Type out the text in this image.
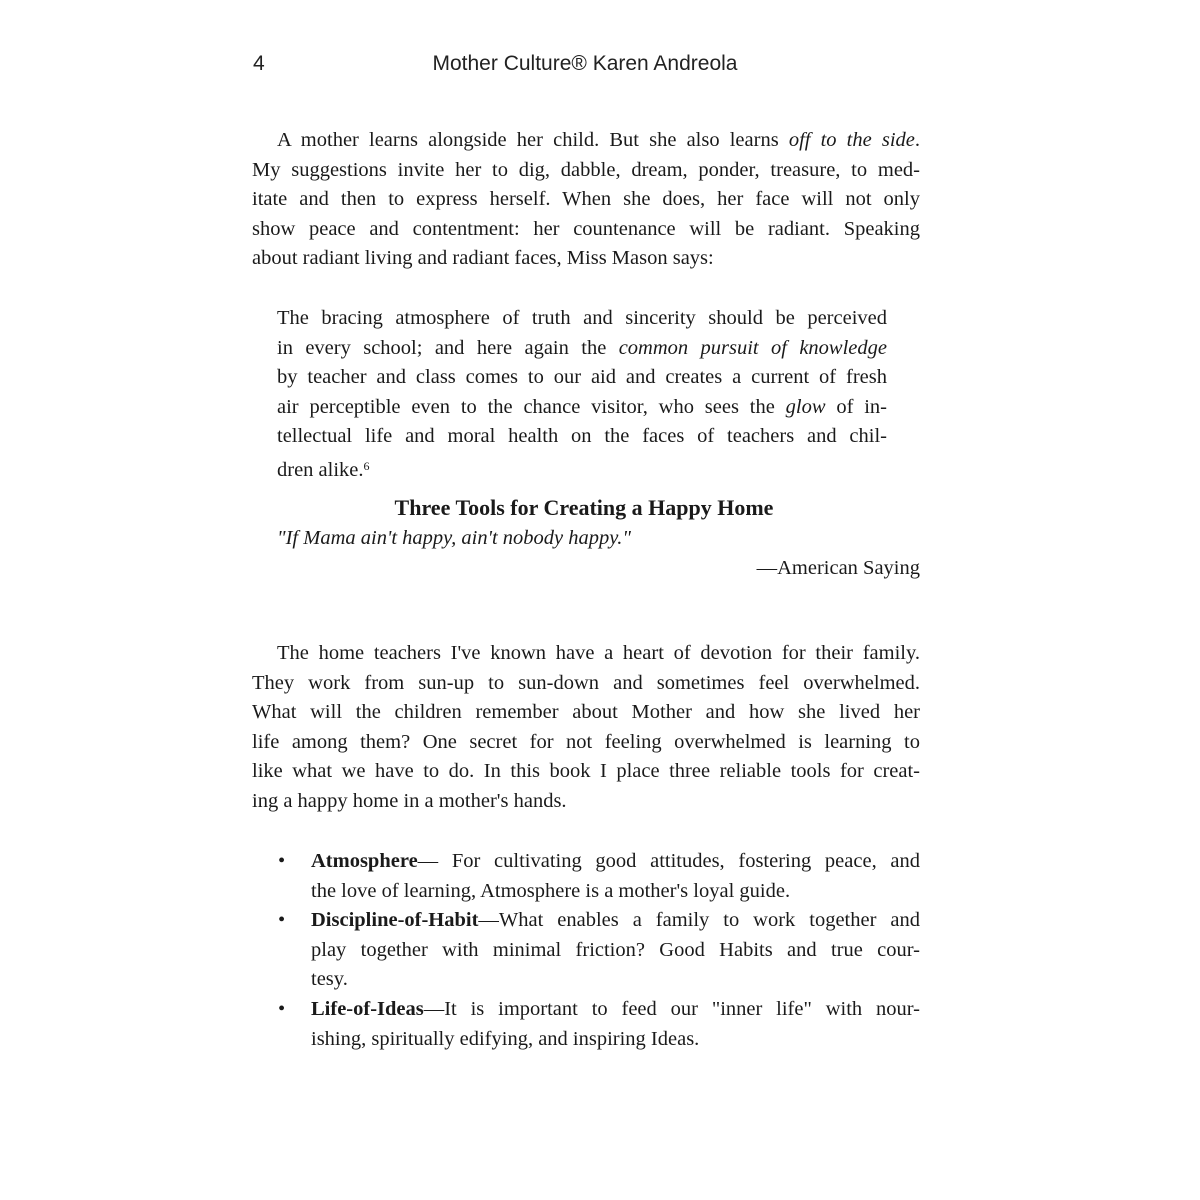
4	Mother Culture® Karen Andreola
A mother learns alongside her child. But she also learns off to the side.
My suggestions invite her to dig, dabble, dream, ponder, treasure, to med-
itate and then to express herself. When she does, her face will not only
show peace and contentment: her countenance will be radiant. Speaking
about radiant living and radiant faces, Miss Mason says:
The bracing atmosphere of truth and sincerity should be perceived
in every school; and here again the common pursuit of knowledge
by teacher and class comes to our aid and creates a current of fresh
air perceptible even to the chance visitor, who sees the glow of in-
tellectual life and moral health on the faces of teachers and chil-
dren alike.$^6$
Three Tools for Creating a Happy Home
"If Mama ain't happy, ain't nobody happy."
—American Saying
The home teachers I've known have a heart of devotion for their family.
They work from sun-up to sun-down and sometimes feel overwhelmed.
What will the children remember about Mother and how she lived her
life among them? One secret for not feeling overwhelmed is learning to
like what we have to do. In this book I place three reliable tools for creat-
ing a happy home in a mother's hands.
• Atmosphere— For cultivating good attitudes, fostering peace, and
the love of learning, Atmosphere is a mother's loyal guide.
• Discipline-of-Habit—What enables a family to work together and
play together with minimal friction? Good Habits and true cour-
tesy.
• Life-of-Ideas—It is important to feed our "inner life" with nour-
ishing, spiritually edifying, and inspiring Ideas.
